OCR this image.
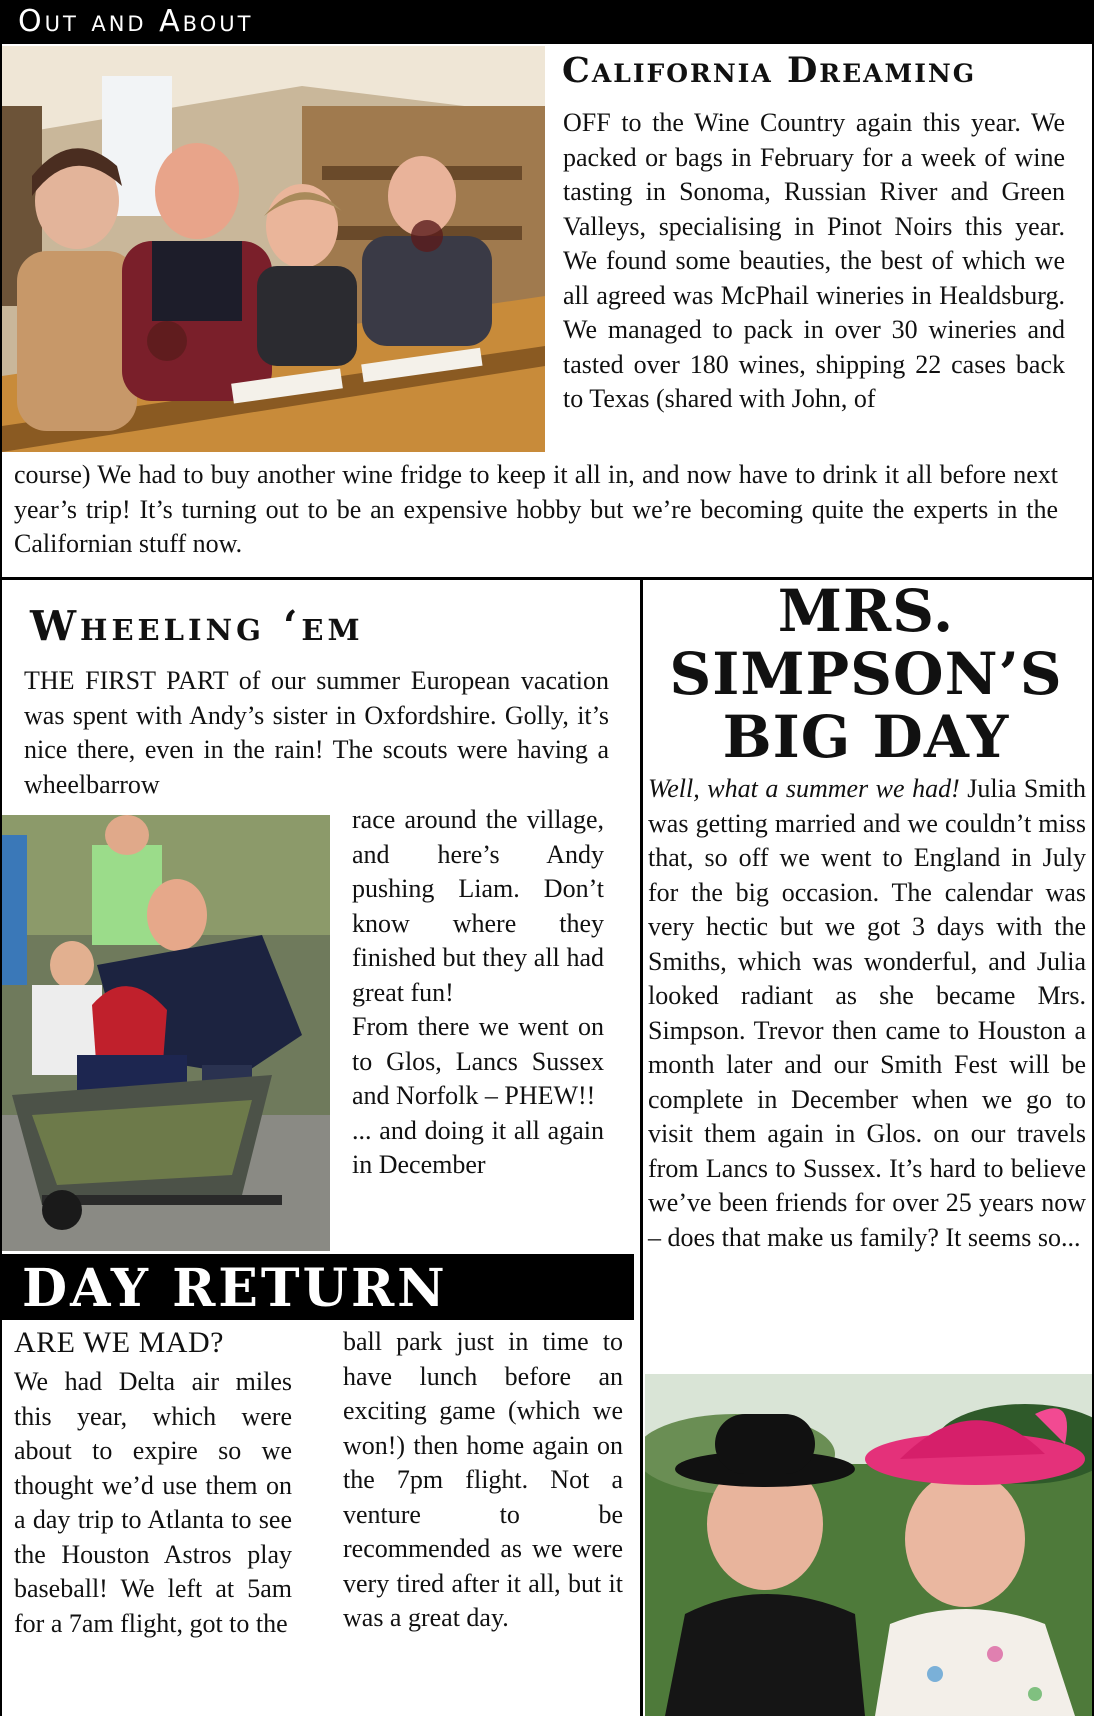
Out and About
California Dreaming
OFF to the Wine Country again this year. We packed or bags in February for a week of wine tasting in Sonoma, Russian River and Green Valleys, specialising in Pinot Noirs this year. We found some beauties, the best of which we all agreed was McPhail wineries in Healdsburg. We managed to pack in over 30 wineries and tasted over 180 wines, shipping 22 cases back to Texas (shared with John, of
course) We had to buy another wine fridge to keep it all in, and now have to drink it all before next year’s trip! It’s turning out to be an expensive hobby but we’re becoming quite the experts in the Californian stuff now.
Wheeling ‘em
THE FIRST PART of our summer European vacation was spent with Andy’s sister in Oxfordshire. Golly, it’s nice there, even in the rain! The scouts were having a wheelbarrow

race around the village, and here’s Andy pushing Liam. Don’t know where they finished but they all had great fun!

From there we went on to Glos, Lancs Sussex and Norfolk – PHEW!!

... and doing it all again in December

DAY RETURN
ARE WE MAD?
We had Delta air miles this year, which were about to expire so we thought we’d use them on a day trip to Atlanta to see the Houston Astros play baseball! We left at 5am for a 7am flight, got to the
ball park just in time to have lunch before an exciting game (which we won!) then home again on the 7pm flight. Not a venture to be recommended as we were very tired after it all, but it was a great day.
MRS. SIMPSON’S BIG DAY
Well, what a summer we had! Julia Smith was getting married and we couldn’t miss that, so off we went to England in July for the big occasion. The calendar was very hectic but we got 3 days with the Smiths, which was wonderful, and Julia looked radiant as she became Mrs. Simpson. Trevor then came to Houston a month later and our Smith Fest will be complete in December when we go to visit them again in Glos. on our travels from Lancs to Sussex. It’s hard to believe we’ve been friends for over 25 years now – does that make us family? It seems so...
